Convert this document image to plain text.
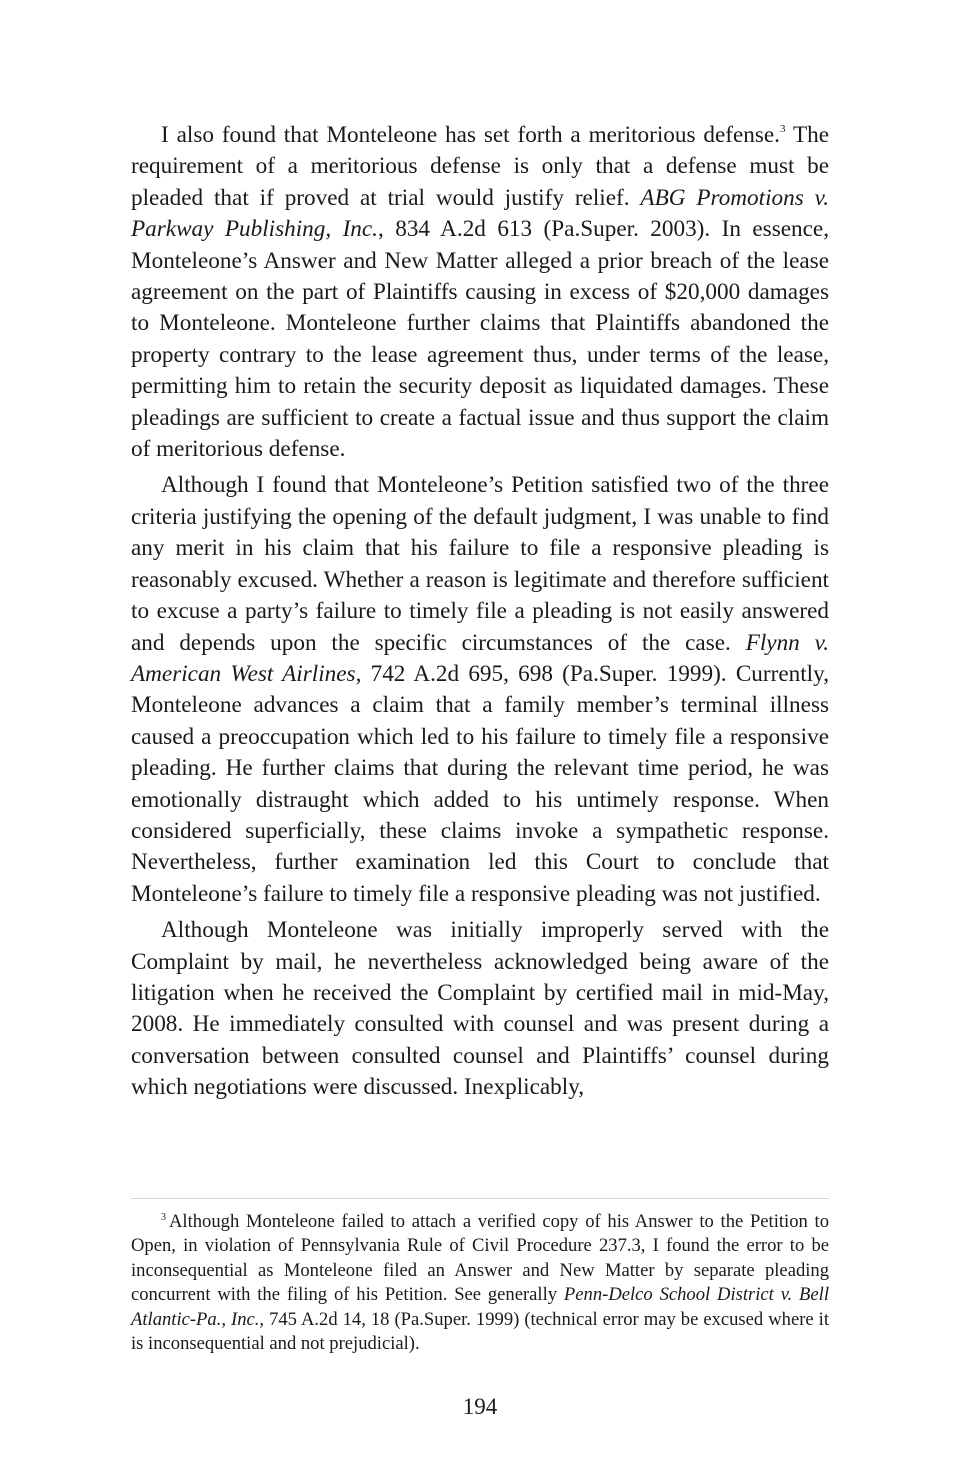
I also found that Monteleone has set forth a meritorious defense.$^3$ The requirement of a meritorious defense is only that a defense must be pleaded that if proved at trial would justify relief. ABG Promotions v. Parkway Publishing, Inc., 834 A.2d 613 (Pa.Super. 2003). In essence, Monteleone’s Answer and New Matter alleged a prior breach of the lease agreement on the part of Plaintiffs causing in excess of $20,000 damages to Monteleone. Monteleone further claims that Plaintiffs abandoned the property contrary to the lease agreement thus, under terms of the lease, permitting him to retain the security deposit as liquidated damages. These pleadings are sufficient to create a factual issue and thus support the claim of meritorious defense.

Although I found that Monteleone’s Petition satisfied two of the three criteria justifying the opening of the default judgment, I was unable to find any merit in his claim that his failure to file a responsive pleading is reasonably excused. Whether a reason is legitimate and therefore sufficient to excuse a party’s failure to timely file a pleading is not easily answered and depends upon the specific circumstances of the case. Flynn v. American West Airlines, 742 A.2d 695, 698 (Pa.Super. 1999). Currently, Monteleone advances a claim that a family member’s terminal illness caused a preoccupation which led to his failure to timely file a responsive pleading. He further claims that during the relevant time period, he was emotionally distraught which added to his untimely response. When considered superficially, these claims invoke a sympathetic response. Nevertheless, further examination led this Court to conclude that Monteleone’s failure to timely file a responsive pleading was not justified.

Although Monteleone was initially improperly served with the Complaint by mail, he nevertheless acknowledged being aware of the litigation when he received the Complaint by certified mail in mid-May, 2008. He immediately consulted with counsel and was present during a conversation between consulted counsel and Plaintiffs’ counsel during which negotiations were discussed. Inexplicably,

$^3$ Although Monteleone failed to attach a verified copy of his Answer to the Petition to Open, in violation of Pennsylvania Rule of Civil Procedure 237.3, I found the error to be inconsequential as Monteleone filed an Answer and New Matter by separate pleading concurrent with the filing of his Petition. See generally Penn-Delco School District v. Bell Atlantic-Pa., Inc., 745 A.2d 14, 18 (Pa.Super. 1999) (technical error may be excused where it is inconsequential and not prejudicial).

194
